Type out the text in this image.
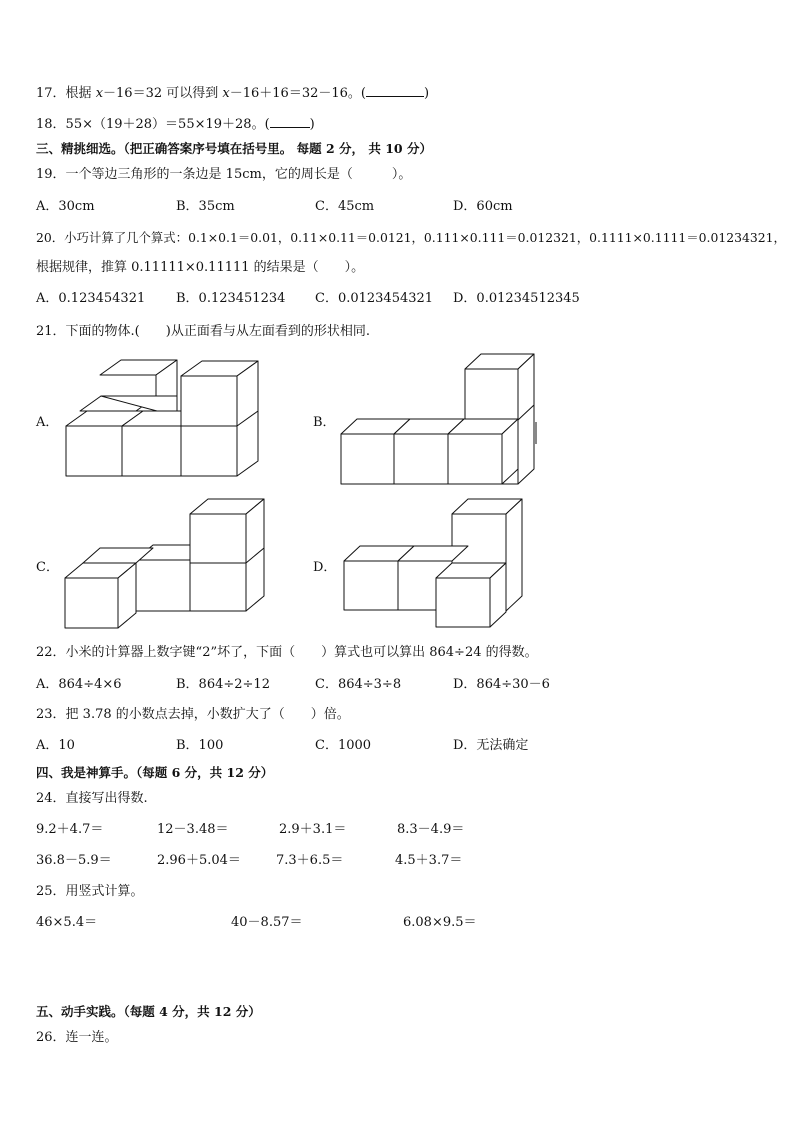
17．根据 x－16＝32 可以得到 x－16＋16＝32－16。(	)
18．55×（19＋28）＝55×19＋28。(	)
三、精挑细选。（把正确答案序号填在括号里。 每题 2 分， 共 10 分）
19．一个等边三角形的一条边是 15cm，它的周长是（　　　）。
A．30cm	B．35cm	C．45cm	D．60cm
20．小巧计算了几个算式：0.1×0.1＝0.01，0.11×0.11＝0.0121，0.111×0.111＝0.012321，0.1111×0.1111＝0.01234321，
根据规律，推算 0.11111×0.11111 的结果是（　　）。
A．0.123454321 B．0.123451234 C．0.0123454321 D．0.01234512345
21．下面的物体.(　　)从正面看与从左面看到的形状相同.
A．	B．
C．	D．
22．小米的计算器上数字键“2”坏了，下面（　　）算式也可以算出 864÷24 的得数。
A．864÷4×6	B．864÷2÷12	C．864÷3÷8	D．864÷30－6
23．把 3.78 的小数点去掉，小数扩大了（　　）倍。
A．10	B．100	C．1000	D．无法确定
四、我是神算手。（每题 6 分，共 12 分）
24．直接写出得数.
9.2＋4.7＝	12－3.48＝	2.9＋3.1＝	8.3－4.9＝
36.8－5.9＝	2.96＋5.04＝	7.3＋6.5＝	4.5＋3.7＝
25．用竖式计算。
46×5.4＝	40－8.57＝	6.08×9.5＝
五、动手实践。（每题 4 分，共 12 分）
26．连一连。
